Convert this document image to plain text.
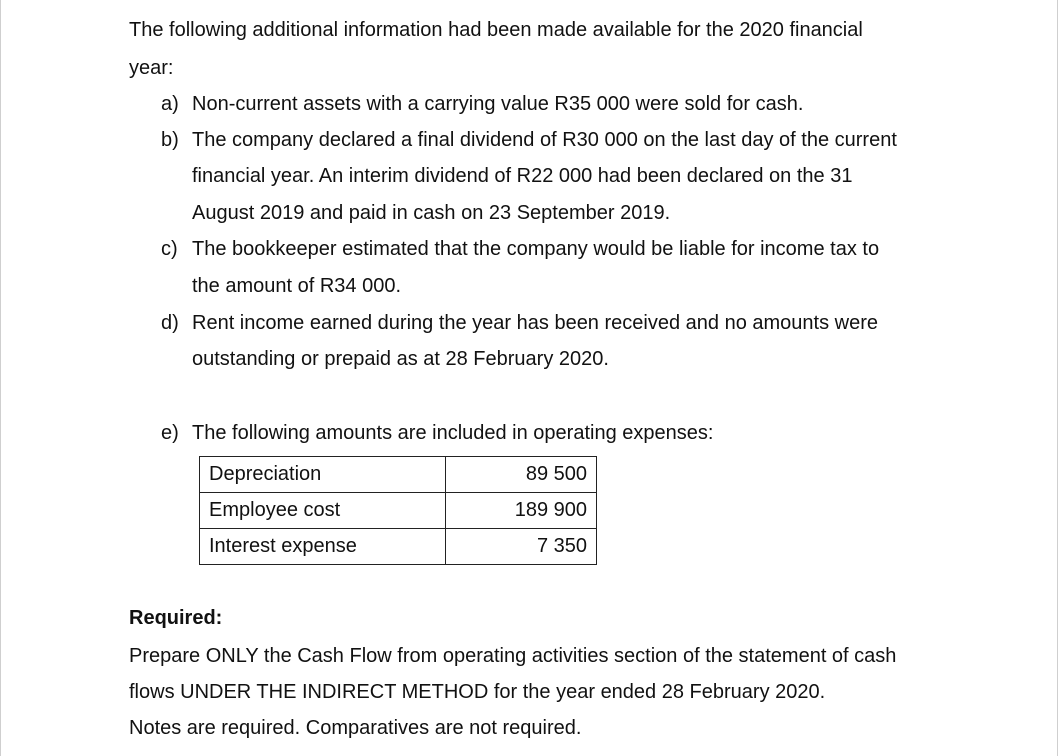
The following additional information had been made available for the 2020 financial
year:
a) Non-current assets with a carrying value R35 000 were sold for cash.
b) The company declared a final dividend of R30 000 on the last day of the current
financial year. An interim dividend of R22 000 had been declared on the 31
August 2019 and paid in cash on 23 September 2019.
c) The bookkeeper estimated that the company would be liable for income tax to
the amount of R34 000.
d) Rent income earned during the year has been received and no amounts were
outstanding or prepaid as at 28 February 2020.
e) The following amounts are included in operating expenses:
Depreciation	89 500
Employee cost	189 900
Interest expense	7 350
Required:
Prepare ONLY the Cash Flow from operating activities section of the statement of cash
flows UNDER THE INDIRECT METHOD for the year ended 28 February 2020.
Notes are required. Comparatives are not required.
